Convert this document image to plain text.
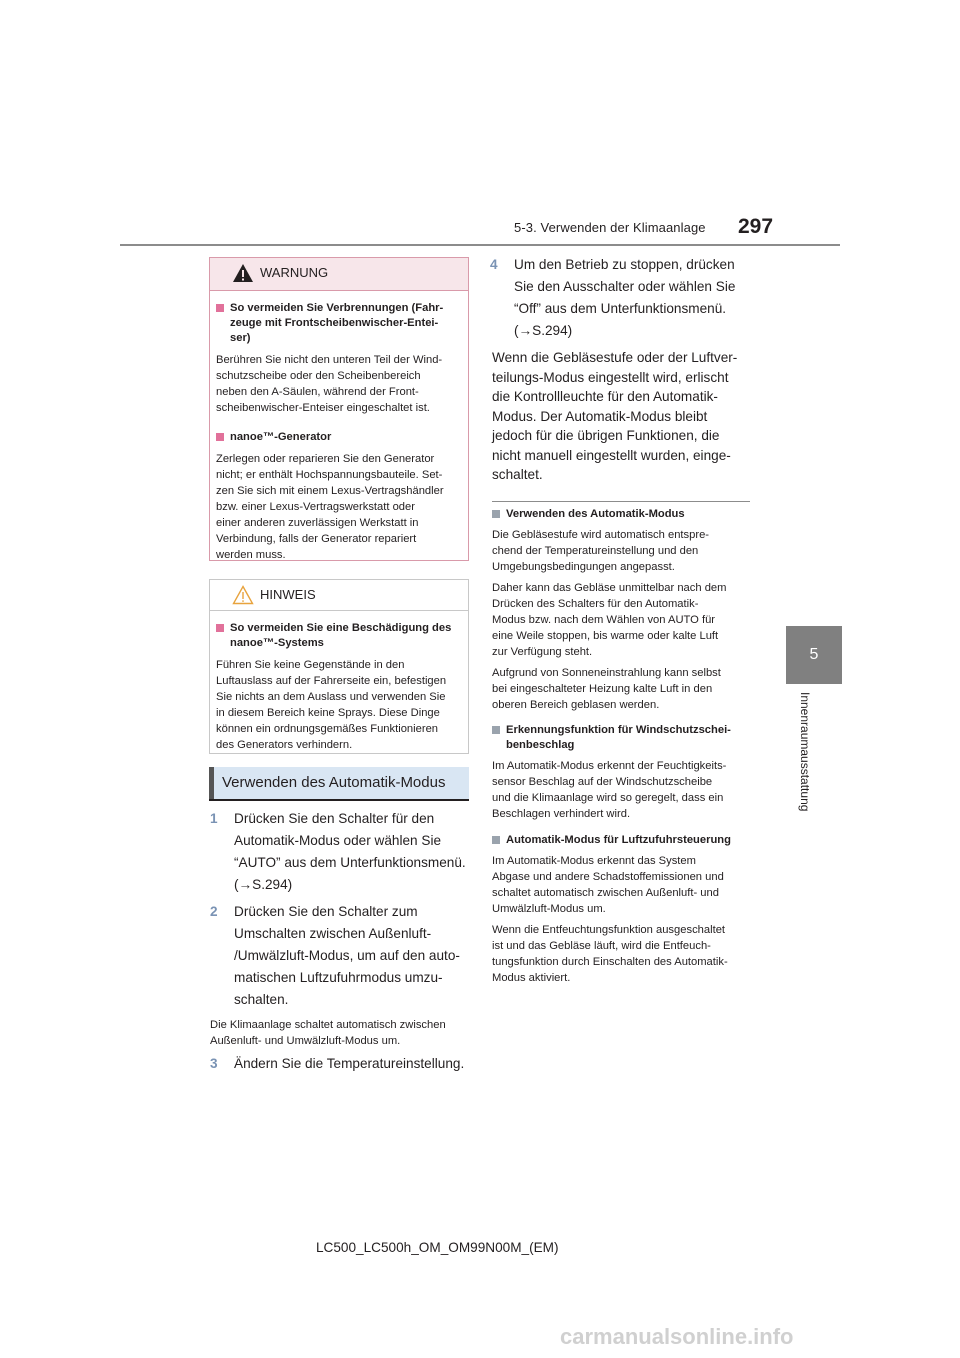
5-3. Verwenden der Klimaanlage 297
5
Innenraumausstattung
WARNUNG
So vermeiden Sie Verbrennungen (Fahr-
zeuge mit Frontscheibenwischer-Entei-
ser)
Berühren Sie nicht den unteren Teil der Wind-
schutzscheibe oder den Scheibenbereich
neben den A-Säulen, während der Front-
scheibenwischer-Enteiser eingeschaltet ist.
nanoe™-Generator
Zerlegen oder reparieren Sie den Generator
nicht; er enthält Hochspannungsbauteile. Set-
zen Sie sich mit einem Lexus-Vertragshändler
bzw. einer Lexus-Vertragswerkstatt oder
einer anderen zuverlässigen Werkstatt in
Verbindung, falls der Generator repariert
werden muss.
HINWEIS
So vermeiden Sie eine Beschädigung des
nanoe™-Systems
Führen Sie keine Gegenstände in den
Luftauslass auf der Fahrerseite ein, befestigen
Sie nichts an dem Auslass und verwenden Sie
in diesem Bereich keine Sprays. Diese Dinge
können ein ordnungsgemäßes Funktionieren
des Generators verhindern.
Verwenden des Automatik-Modus
1 Drücken Sie den Schalter für den
Automatik-Modus oder wählen Sie
“AUTO” aus dem Unterfunktionsmenü.
(→S.294)
2 Drücken Sie den Schalter zum
Umschalten zwischen Außenluft-
/Umwälzluft-Modus, um auf den auto-
matischen Luftzufuhrmodus umzu-
schalten.
Die Klimaanlage schaltet automatisch zwischen
Außenluft- und Umwälzluft-Modus um.
3 Ändern Sie die Temperatureinstellung.
4 Um den Betrieb zu stoppen, drücken
Sie den Ausschalter oder wählen Sie
“Off” aus dem Unterfunktionsmenü.
(→S.294)
Wenn die Gebläsestufe oder der Luftver-
teilungs-Modus eingestellt wird, erlischt
die Kontrollleuchte für den Automatik-
Modus. Der Automatik-Modus bleibt
jedoch für die übrigen Funktionen, die
nicht manuell eingestellt wurden, einge-
schaltet.
Verwenden des Automatik-Modus
Die Gebläsestufe wird automatisch entspre-
chend der Temperatureinstellung und den
Umgebungsbedingungen angepasst.
Daher kann das Gebläse unmittelbar nach dem
Drücken des Schalters für den Automatik-
Modus bzw. nach dem Wählen von AUTO für
eine Weile stoppen, bis warme oder kalte Luft
zur Verfügung steht.
Aufgrund von Sonneneinstrahlung kann selbst
bei eingeschalteter Heizung kalte Luft in den
oberen Bereich geblasen werden.
Erkennungsfunktion für Windschutzschei-
benbeschlag
Im Automatik-Modus erkennt der Feuchtigkeits-
sensor Beschlag auf der Windschutzscheibe
und die Klimaanlage wird so geregelt, dass ein
Beschlagen verhindert wird.
Automatik-Modus für Luftzufuhrsteuerung
Im Automatik-Modus erkennt das System
Abgase und andere Schadstoffemissionen und
schaltet automatisch zwischen Außenluft- und
Umwälzluft-Modus um.
Wenn die Entfeuchtungsfunktion ausgeschaltet
ist und das Gebläse läuft, wird die Entfeuch-
tungsfunktion durch Einschalten des Automatik-
Modus aktiviert.
LC500_LC500h_OM_OM99N00M_(EM)
carmanualsonline.info
